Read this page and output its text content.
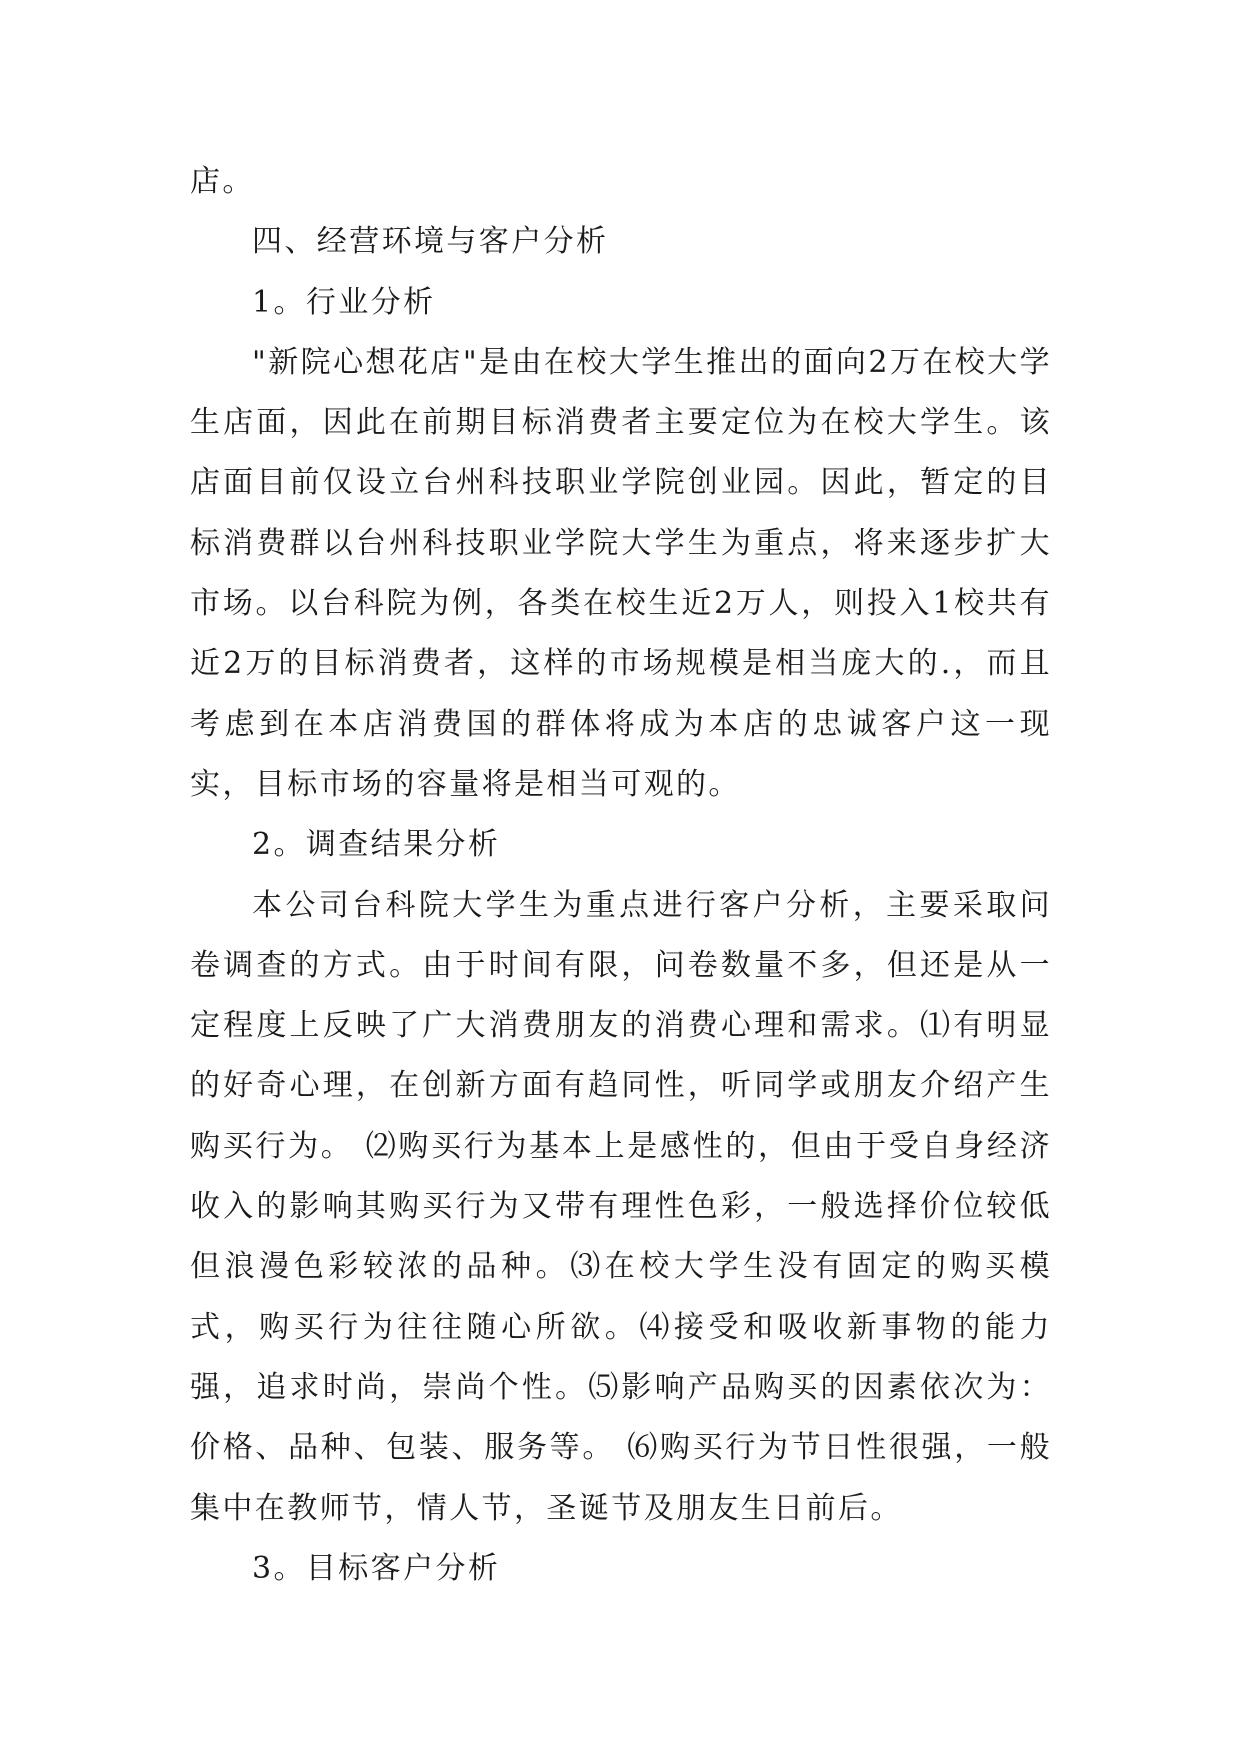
店。

四、经营环境与客户分析

1。行业分析

"新院心想花店"是由在校大学生推出的面向2万在校大学生店面，因此在前期目标消费者主要定位为在校大学生。该店面目前仅设立台州科技职业学院创业园。因此，暂定的目标消费群以台州科技职业学院大学生为重点，将来逐步扩大市场。以台科院为例，各类在校生近2万人，则投入1校共有近2万的目标消费者，这样的市场规模是相当庞大的.，而且考虑到在本店消费国的群体将成为本店的忠诚客户这一现实，目标市场的容量将是相当可观的。

2。调查结果分析

本公司台科院大学生为重点进行客户分析，主要采取问卷调查的方式。由于时间有限，问卷数量不多，但还是从一定程度上反映了广大消费朋友的消费心理和需求。⑴有明显的好奇心理，在创新方面有趋同性，听同学或朋友介绍产生购买行为。 ⑵购买行为基本上是感性的，但由于受自身经济收入的影响其购买行为又带有理性色彩，一般选择价位较低但浪漫色彩较浓的品种。⑶在校大学生没有固定的购买模式，购买行为往往随心所欲。⑷接受和吸收新事物的能力强，追求时尚，崇尚个性。⑸影响产品购买的因素依次为：价格、品种、包装、服务等。 ⑹购买行为节日性很强，一般集中在教师节，情人节，圣诞节及朋友生日前后。

3。目标客户分析
